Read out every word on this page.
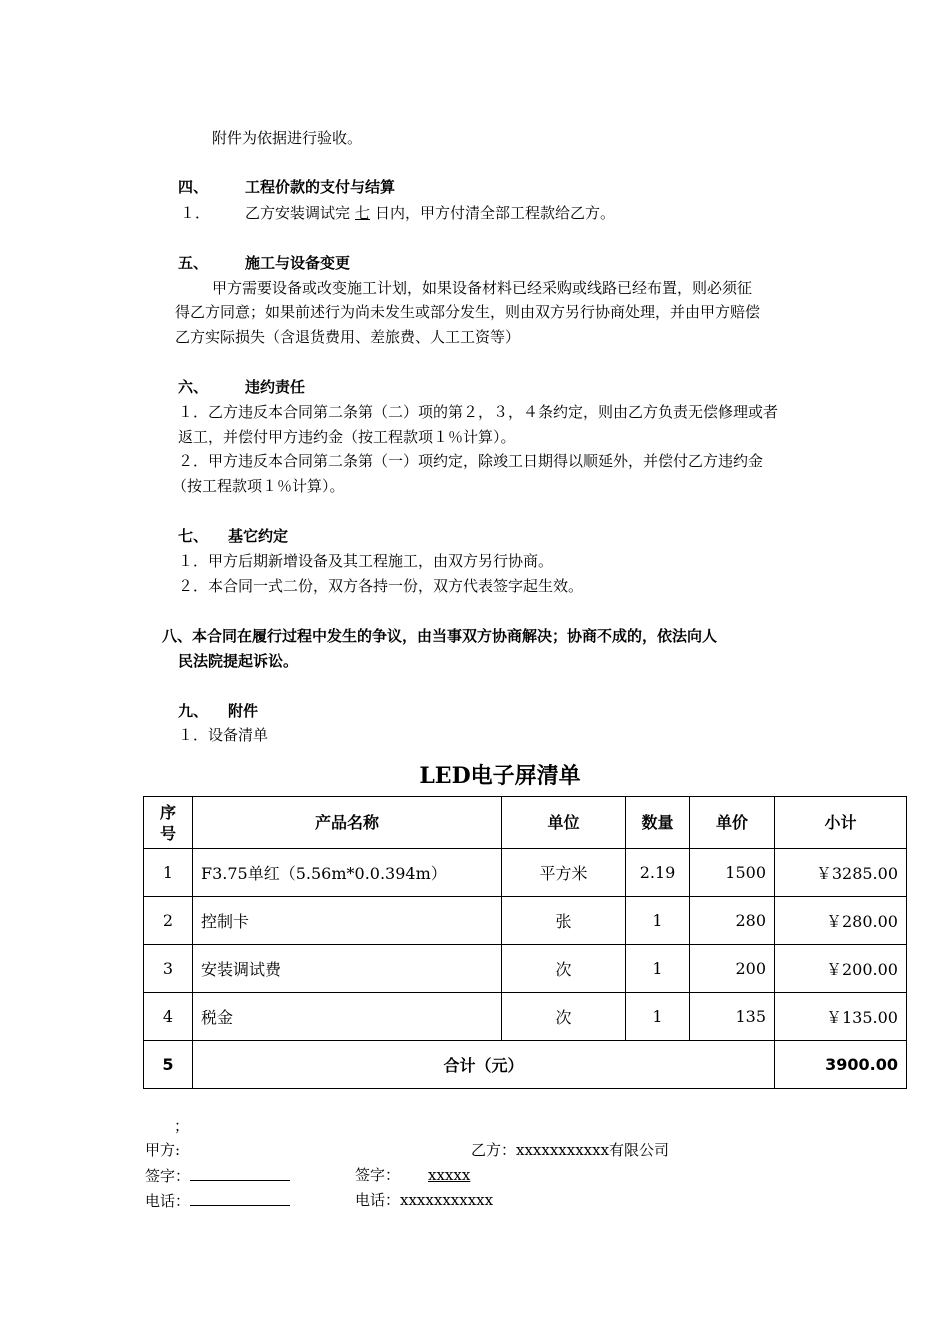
附件为依据进行验收。
四、 工程价款的支付与结算
１． 乙方安装调试完 七 日内，甲方付清全部工程款给乙方。
五、 施工与设备变更
甲方需要设备或改变施工计划，如果设备材料已经采购或线路已经布置，则必须征
得乙方同意；如果前述行为尚未发生或部分发生，则由双方另行协商处理，并由甲方赔偿
乙方实际损失（含退货费用、差旅费、人工工资等）
六、 违约责任
１．乙方违反本合同第二条第（二）项的第２，３，４条约定，则由乙方负责无偿修理或者
返工，并偿付甲方违约金（按工程款项１％计算）。
２．甲方违反本合同第二条第（一）项约定，除竣工日期得以顺延外，并偿付乙方违约金
（按工程款项１％计算）。
七、 基它约定
１．甲方后期新增设备及其工程施工，由双方另行协商。
２．本合同一式二份，双方各持一份，双方代表签字起生效。
八、本合同在履行过程中发生的争议，由当事双方协商解决；协商不成的，依法向人
民法院提起诉讼。
九、 附件
１．设备清单
LED电子屏清单
序
号	产品名称	单位	数量	单价	小计
1	F3.75单红（5.56m*0.0.394m）	平方米	2.19	1500	￥3285.00
2	控制卡	张	1	280	￥280.00
3	安装调试费	次	1	200	￥200.00
4	税金	次	1	135	￥135.00
5	合计（元）				3900.00
；
甲方:	乙方：xxxxxxxxxxx有限公司
签字：	签字： xxxxx
电话：	电话：xxxxxxxxxxx
